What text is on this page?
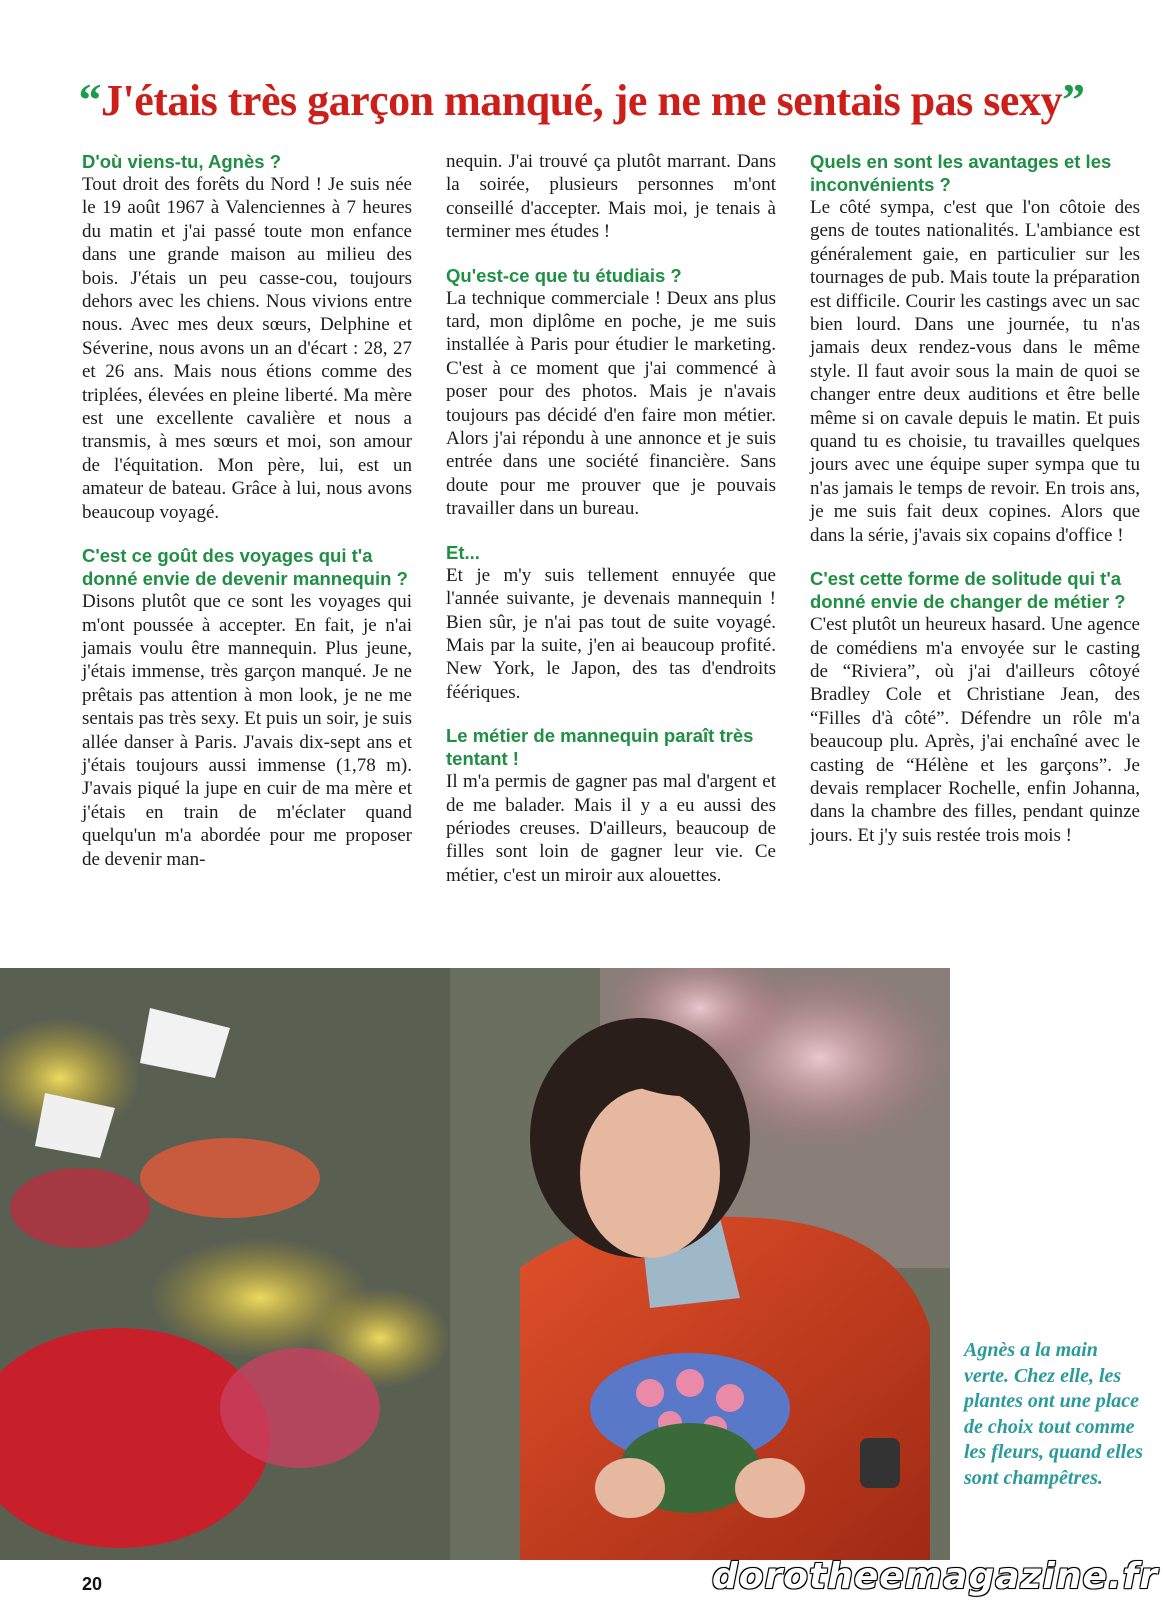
“J'étais très garçon manqué, je ne me sentais pas sexy”
D'où viens-tu, Agnès ?
Tout droit des forêts du Nord ! Je suis née le 19 août 1967 à Valenciennes à 7 heures du matin et j'ai passé toute mon enfance dans une grande maison au milieu des bois. J'étais un peu casse-cou, toujours dehors avec les chiens. Nous vivions entre nous. Avec mes deux sœurs, Delphine et Séverine, nous avons un an d'écart : 28, 27 et 26 ans. Mais nous étions comme des triplées, élevées en pleine liberté. Ma mère est une excellente cavalière et nous a transmis, à mes sœurs et moi, son amour de l'équitation. Mon père, lui, est un amateur de bateau. Grâce à lui, nous avons beaucoup voyagé.
C'est ce goût des voyages qui t'a donné envie de devenir mannequin ?
Disons plutôt que ce sont les voyages qui m'ont poussée à accepter. En fait, je n'ai jamais voulu être mannequin. Plus jeune, j'étais immense, très garçon manqué. Je ne prêtais pas attention à mon look, je ne me sentais pas très sexy. Et puis un soir, je suis allée danser à Paris. J'avais dix-sept ans et j'étais toujours aussi immense (1,78 m). J'avais piqué la jupe en cuir de ma mère et j'étais en train de m'éclater quand quelqu'un m'a abordée pour me proposer de devenir man-
nequin. J'ai trouvé ça plutôt marrant. Dans la soirée, plusieurs personnes m'ont conseillé d'accepter. Mais moi, je tenais à terminer mes études !
Qu'est-ce que tu étudiais ?
La technique commerciale ! Deux ans plus tard, mon diplôme en poche, je me suis installée à Paris pour étudier le marketing. C'est à ce moment que j'ai commencé à poser pour des photos. Mais je n'avais toujours pas décidé d'en faire mon métier. Alors j'ai répondu à une annonce et je suis entrée dans une société financière. Sans doute pour me prouver que je pouvais travailler dans un bureau.
Et...
Et je m'y suis tellement ennuyée que l'année suivante, je devenais mannequin ! Bien sûr, je n'ai pas tout de suite voyagé. Mais par la suite, j'en ai beaucoup profité. New York, le Japon, des tas d'endroits féériques.
Le métier de mannequin paraît très tentant !
Il m'a permis de gagner pas mal d'argent et de me balader. Mais il y a eu aussi des périodes creuses. D'ailleurs, beaucoup de filles sont loin de gagner leur vie. Ce métier, c'est un miroir aux alouettes.
Quels en sont les avantages et les inconvénients ?
Le côté sympa, c'est que l'on côtoie des gens de toutes nationalités. L'ambiance est généralement gaie, en particulier sur les tournages de pub. Mais toute la préparation est difficile. Courir les castings avec un sac bien lourd. Dans une journée, tu n'as jamais deux rendez-vous dans le même style. Il faut avoir sous la main de quoi se changer entre deux auditions et être belle même si on cavale depuis le matin. Et puis quand tu es choisie, tu travailles quelques jours avec une équipe super sympa que tu n'as jamais le temps de revoir. En trois ans, je me suis fait deux copines. Alors que dans la série, j'avais six copains d'office !
C'est cette forme de solitude qui t'a donné envie de changer de métier ?
C'est plutôt un heureux hasard. Une agence de comédiens m'a envoyée sur le casting de “Riviera”, où j'ai d'ailleurs côtoyé Bradley Cole et Christiane Jean, des “Filles d'à côté”. Défendre un rôle m'a beaucoup plu. Après, j'ai enchaîné avec le casting de “Hélène et les garçons”. Je devais remplacer Rochelle, enfin Johanna, dans la chambre des filles, pendant quinze jours. Et j'y suis restée trois mois !
Agnès a la main verte. Chez elle, les plantes ont une place de choix tout comme les fleurs, quand elles sont champêtres.
20	dorotheemagazine.fr
